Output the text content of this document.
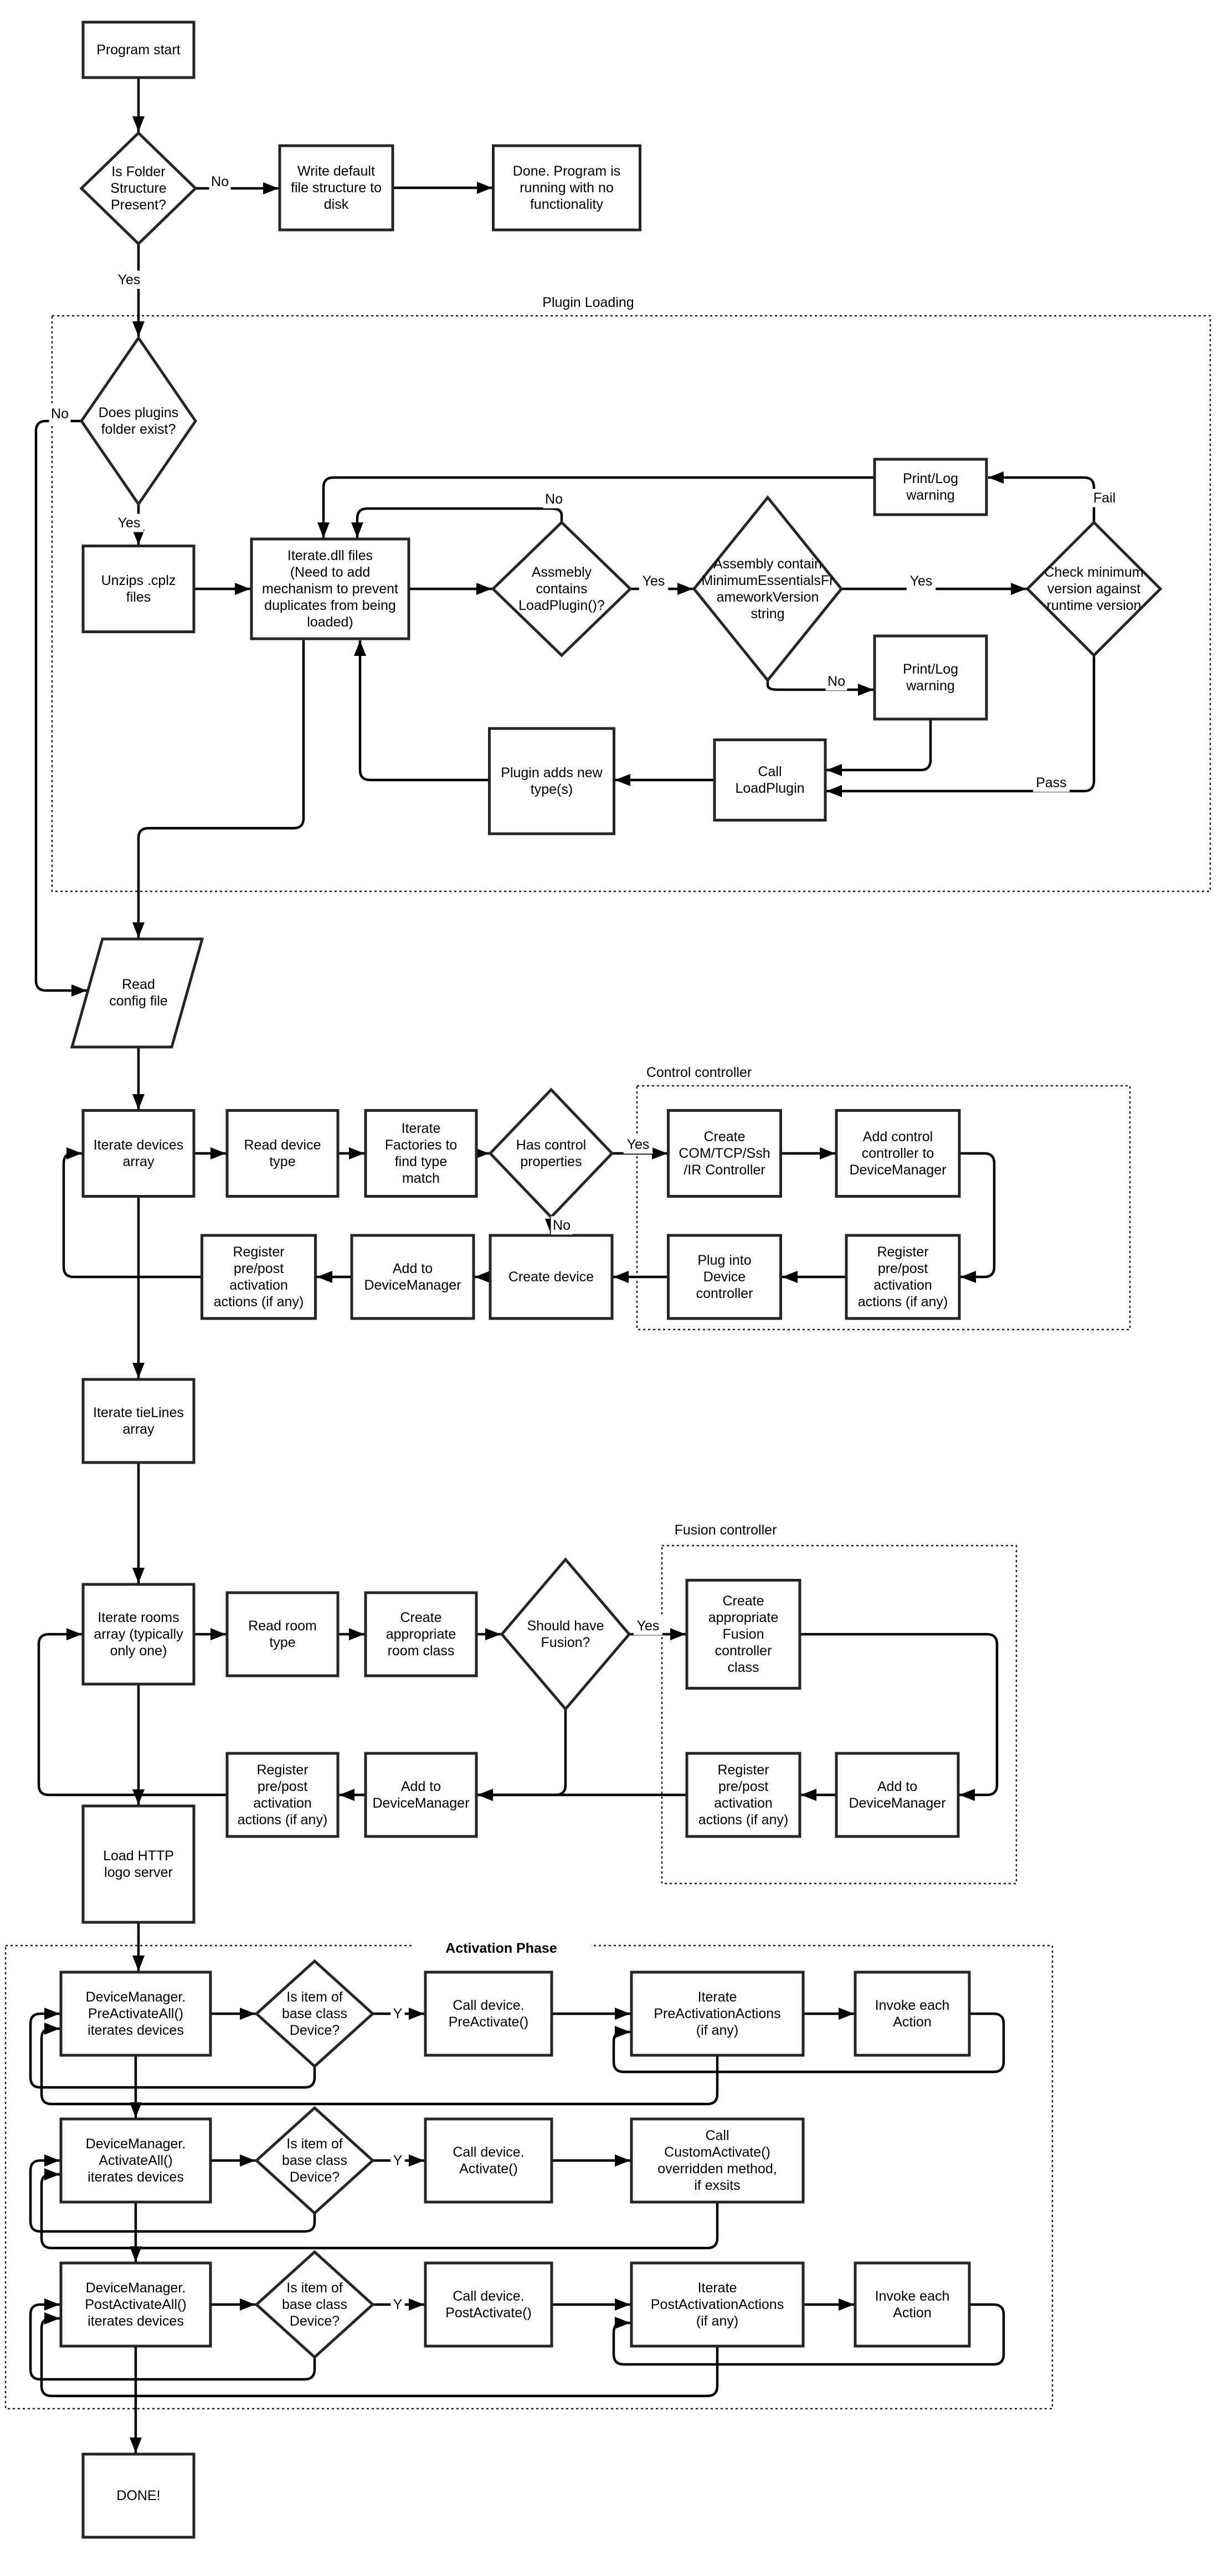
Program start
Is Folder Structure Present?
Write default file structure to disk
Done. Program is running with no functionality
Does plugins folder exist?
Unzips .cplz files
Iterate.dll files (Need to add mechanism to prevent duplicates from being loaded)
Assmebly contains LoadPlugin()?
Assembly contain MinimumEssentialsFr ameworkVersion string
Check minimum version against runtime version
Print/Log warning
Print/Log warning
Call LoadPlugin
Plugin adds new type(s)
Read config file
Iterate devices array
Read device type
Iterate Factories to find type match
Has control properties
Create COM/TCP/Ssh /IR Controller
Add control controller to DeviceManager
Register pre/post activation actions (if any)
Plug into Device controller
Create device
Add to DeviceManager
Register pre/post activation actions (if any)
Iterate tieLines array
Iterate rooms array (typically only one)
Read room type
Create appropriate room class
Should have Fusion?
Create appropriate Fusion controller class
Add to DeviceManager
Register pre/post activation actions (if any)
Add to DeviceManager
Register pre/post activation actions (if any)
Load HTTP logo server
DeviceManager. PreActivateAll() iterates devices
Is item of base class Device?
Call device. PreActivate()
Iterate PreActivationActions (if any)
Invoke each Action
DeviceManager. ActivateAll() iterates devices
Is item of base class Device?
Call device. Activate()
Call CustomActivate() overridden method, if exsits
DeviceManager. PostActivateAll() iterates devices
Is item of base class Device?
Call device. PostActivate()
Iterate PostActivationActions (if any)
Invoke each Action
DONE!
No
Yes
No
Yes
No
Yes	Yes
Fail
No
Pass
Yes
No
Yes
Y
Y
Y
Plugin Loading
Control controller
Fusion controller
Activation Phase
